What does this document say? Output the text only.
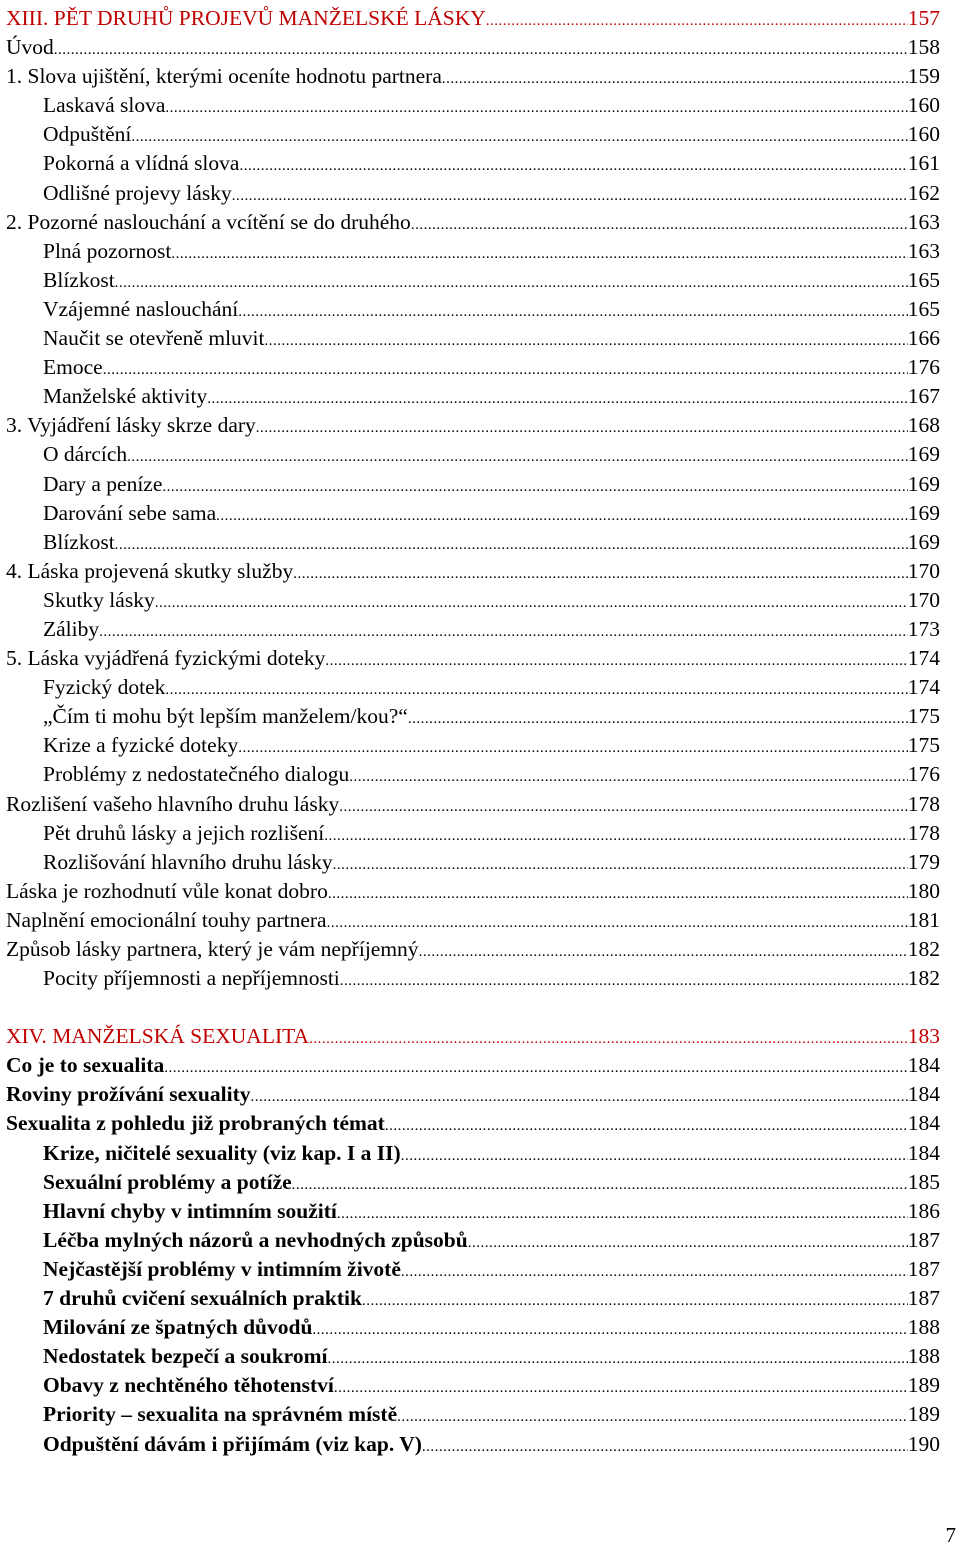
XIII. PĚT DRUHŮ PROJEVŮ MANŽELSKÉ LÁSKY .....	157
Úvod .....	158
1. Slova ujištění, kterými oceníte hodnotu partnera .....	159
Laskavá slova .....	160
Odpuštění .....	160
Pokorná a vlídná slova .....	161
Odlišné projevy lásky .....	162
2. Pozorné naslouchání a vcítění se do druhého .....	163
Plná pozornost .....	163
Blízkost .....	165
Vzájemné naslouchání .....	165
Naučit se otevřeně mluvit .....	166
Emoce .....	176
Manželské aktivity .....	167
3. Vyjádření lásky skrze dary .....	168
O dárcích .....	169
Dary a peníze .....	169
Darování sebe sama .....	169
Blízkost .....	169
4. Láska projevená skutky služby .....	170
Skutky lásky .....	170
Záliby .....	173
5. Láska vyjádřená fyzickými doteky .....	174
Fyzický dotek .....	174
„Čím ti mohu být lepším manželem/kou?“ .....	175
Krize a fyzické doteky .....	175
Problémy z nedostatečného dialogu .....	176
Rozlišení vašeho hlavního druhu lásky .....	178
Pět druhů lásky a jejich rozlišení .....	178
Rozlišování hlavního druhu lásky .....	179
Láska je rozhodnutí vůle konat dobro .....	180
Naplnění emocionální touhy partnera .....	181
Způsob lásky partnera, který je vám nepříjemný .....	182
Pocity příjemnosti a nepříjemnosti .....	182
XIV. MANŽELSKÁ SEXUALITA .....	183
Co je to sexualita .....	184
Roviny prožívání sexuality .....	184
Sexualita z pohledu již probraných témat .....	184
Krize, ničitelé sexuality (viz kap. I a II) .....	184
Sexuální problémy a potíže .....	185
Hlavní chyby v intimním soužití .....	186
Léčba mylných názorů a nevhodných způsobů .....	187
Nejčastější problémy v intimním životě .....	187
7 druhů cvičení sexuálních praktik .....	187
Milování ze špatných důvodů .....	188
Nedostatek bezpečí a soukromí .....	188
Obavy z nechtěného těhotenství .....	189
Priority – sexualita na správném místě .....	189
Odpuštění dávám i přijímám (viz kap. V) .....	190
7
